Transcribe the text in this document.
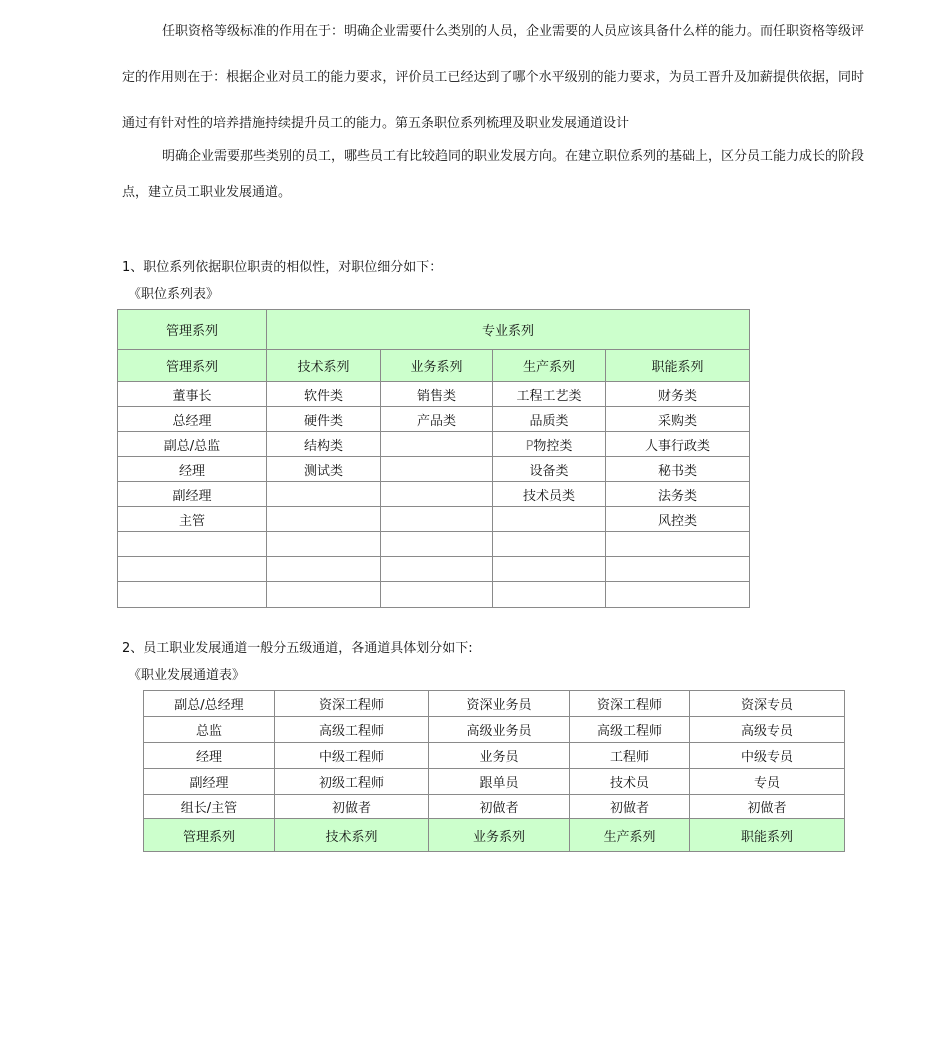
任职资格等级标准的作用在于：明确企业需要什么类别的人员，企业需要的人员应该具备什么样的能力。而任职资格等级评定的作用则在于：根据企业对员工的能力要求，评价员工已经达到了哪个水平级别的能力要求，为员工晋升及加薪提供依据，同时通过有针对性的培养措施持续提升员工的能力。第五条职位系列梳理及职业发展通道设计

明确企业需要那些类别的员工，哪些员工有比较趋同的职业发展方向。在建立职位系列的基础上，区分员工能力成长的阶段点，建立员工职业发展通道。

1、职位系列依据职位职责的相似性，对职位细分如下：

《职位系列表》

管理系列	专业系列			
管理系列	技术系列	业务系列	生产系列	职能系列
董事长	软件类	销售类	工程工艺类	财务类
总经理	硬件类	产品类	品质类	采购类
副总/总监	结构类		P物控类	人事行政类
经理	测试类		设备类	秘书类
副经理			技术员类	法务类
主管				风控类

2、员工职业发展通道一般分五级通道，各通道具体划分如下:

《职业发展通道表》

副总/总经理	资深工程师	资深业务员	资深工程师	资深专员
总监	高级工程师	高级业务员	高级工程师	高级专员
经理	中级工程师	业务员	工程师	中级专员
副经理	初级工程师	跟单员	技术员	专员
组长/主管	初做者	初做者	初做者	初做者
管理系列	技术系列	业务系列	生产系列	职能系列
